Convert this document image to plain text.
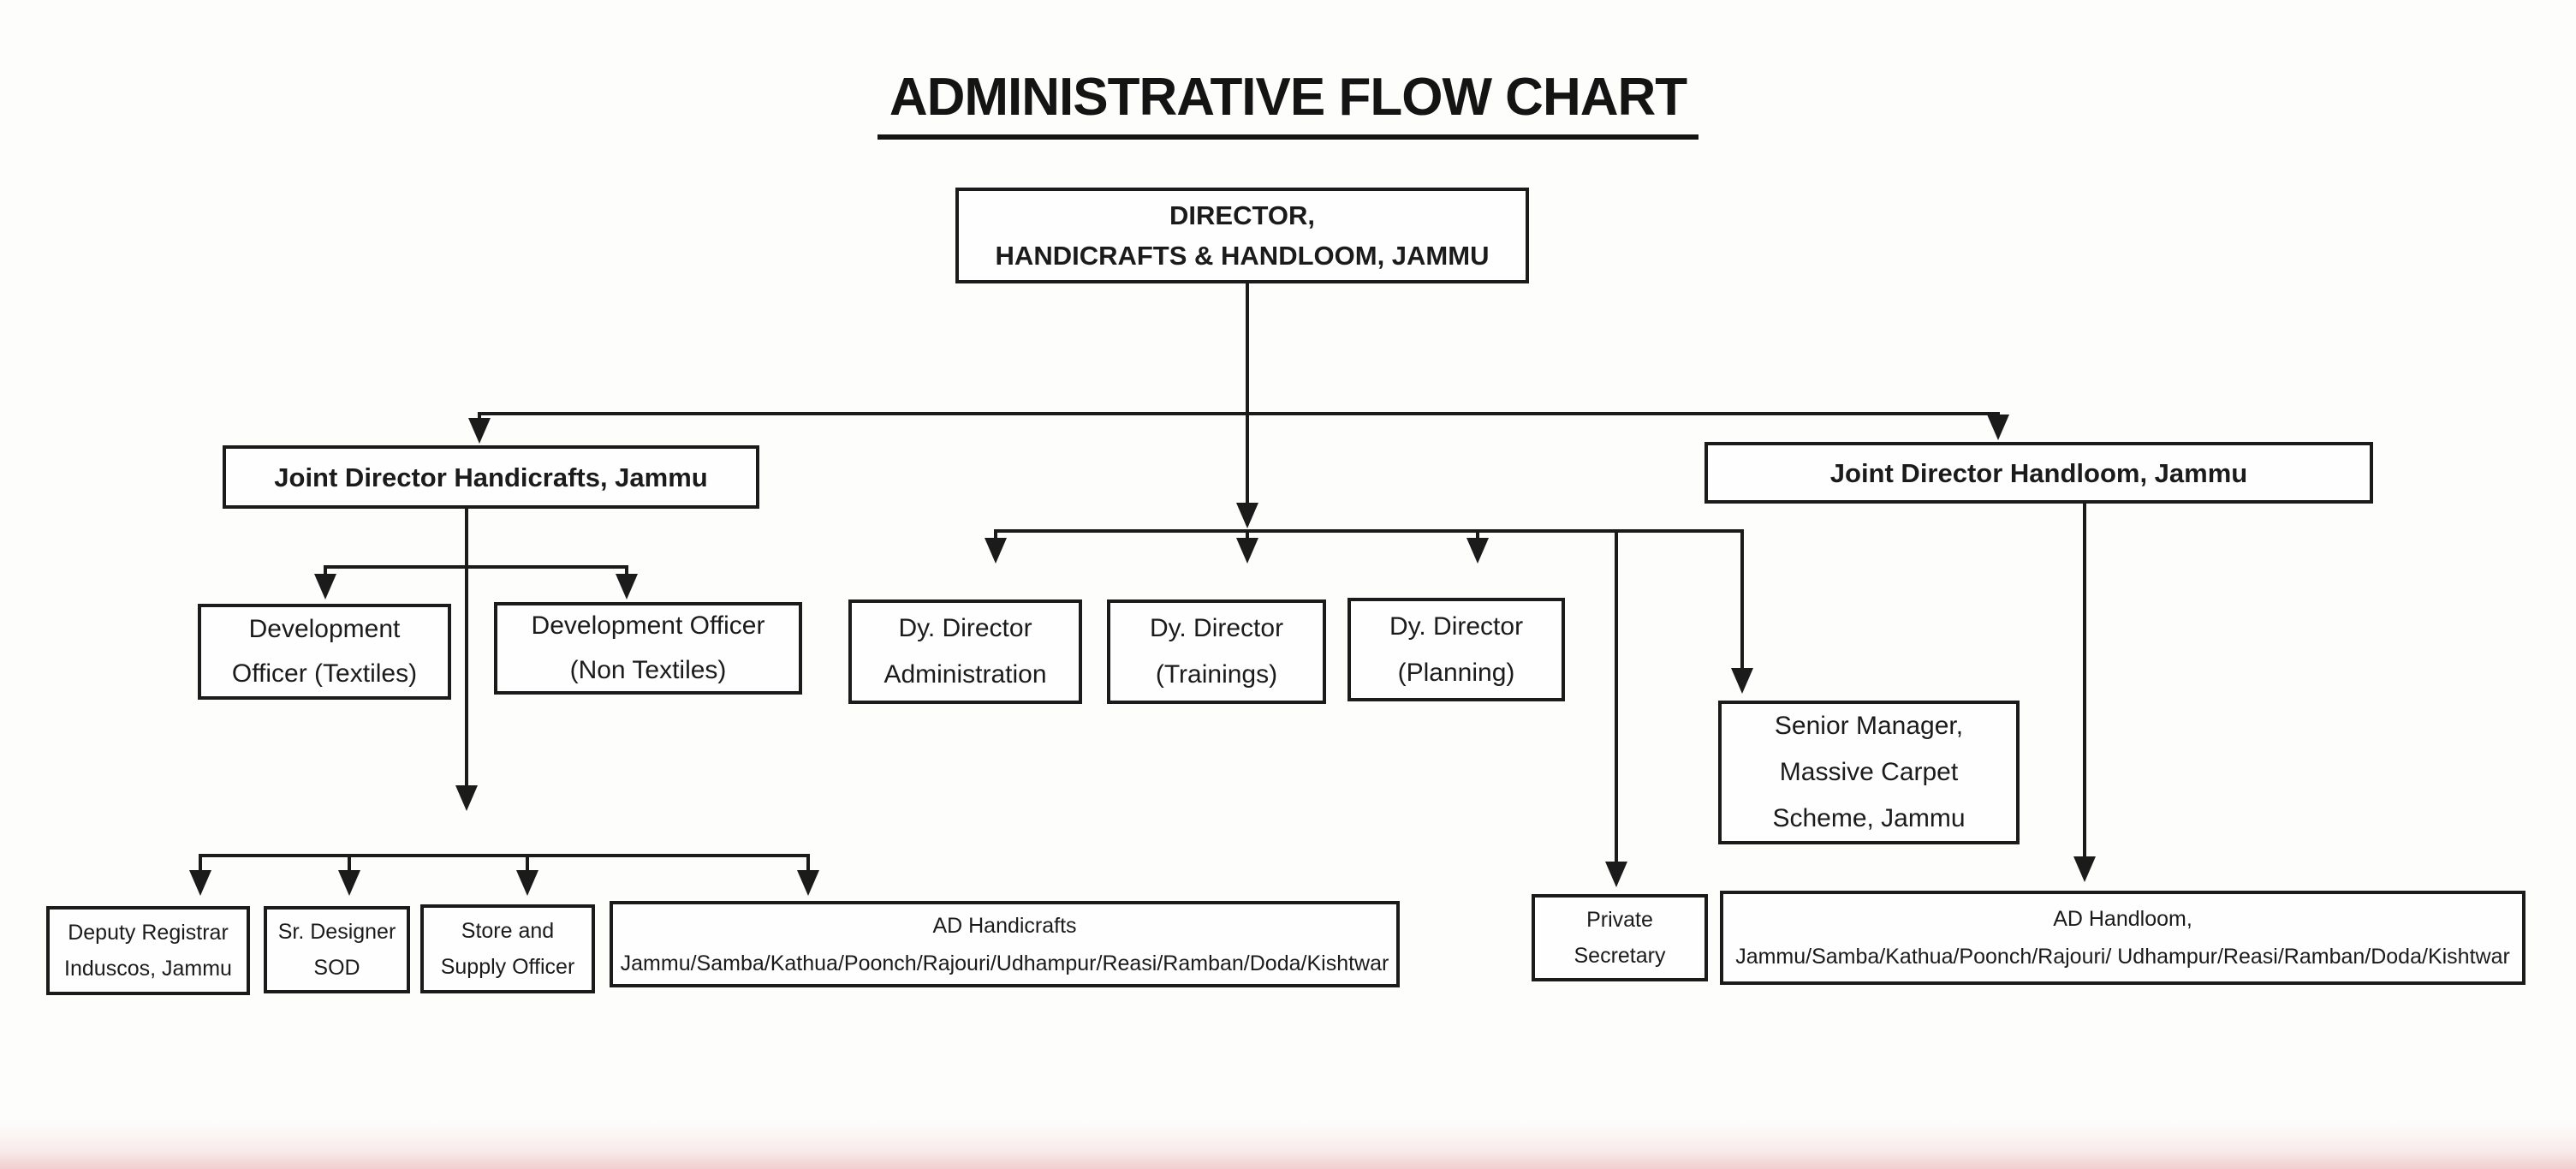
ADMINISTRATIVE FLOW CHART
DIRECTOR,
HANDICRAFTS & HANDLOOM, JAMMU
Joint Director Handicrafts, Jammu	Joint Director Handloom, Jammu
Development
Officer (Textiles)
Development Officer
(Non Textiles)
Dy. Director
Administration
Dy. Director
(Trainings)
Dy. Director
(Planning)
Senior Manager,
Massive Carpet
Scheme, Jammu
Private
Secretary
Deputy Registrar
Induscos, Jammu
Sr. Designer
SOD
Store and
Supply Officer
AD Handicrafts
Jammu/Samba/Kathua/Poonch/Rajouri/Udhampur/Reasi/Ramban/Doda/Kishtwar
AD Handloom,
Jammu/Samba/Kathua/Poonch/Rajouri/ Udhampur/Reasi/Ramban/Doda/Kishtwar
